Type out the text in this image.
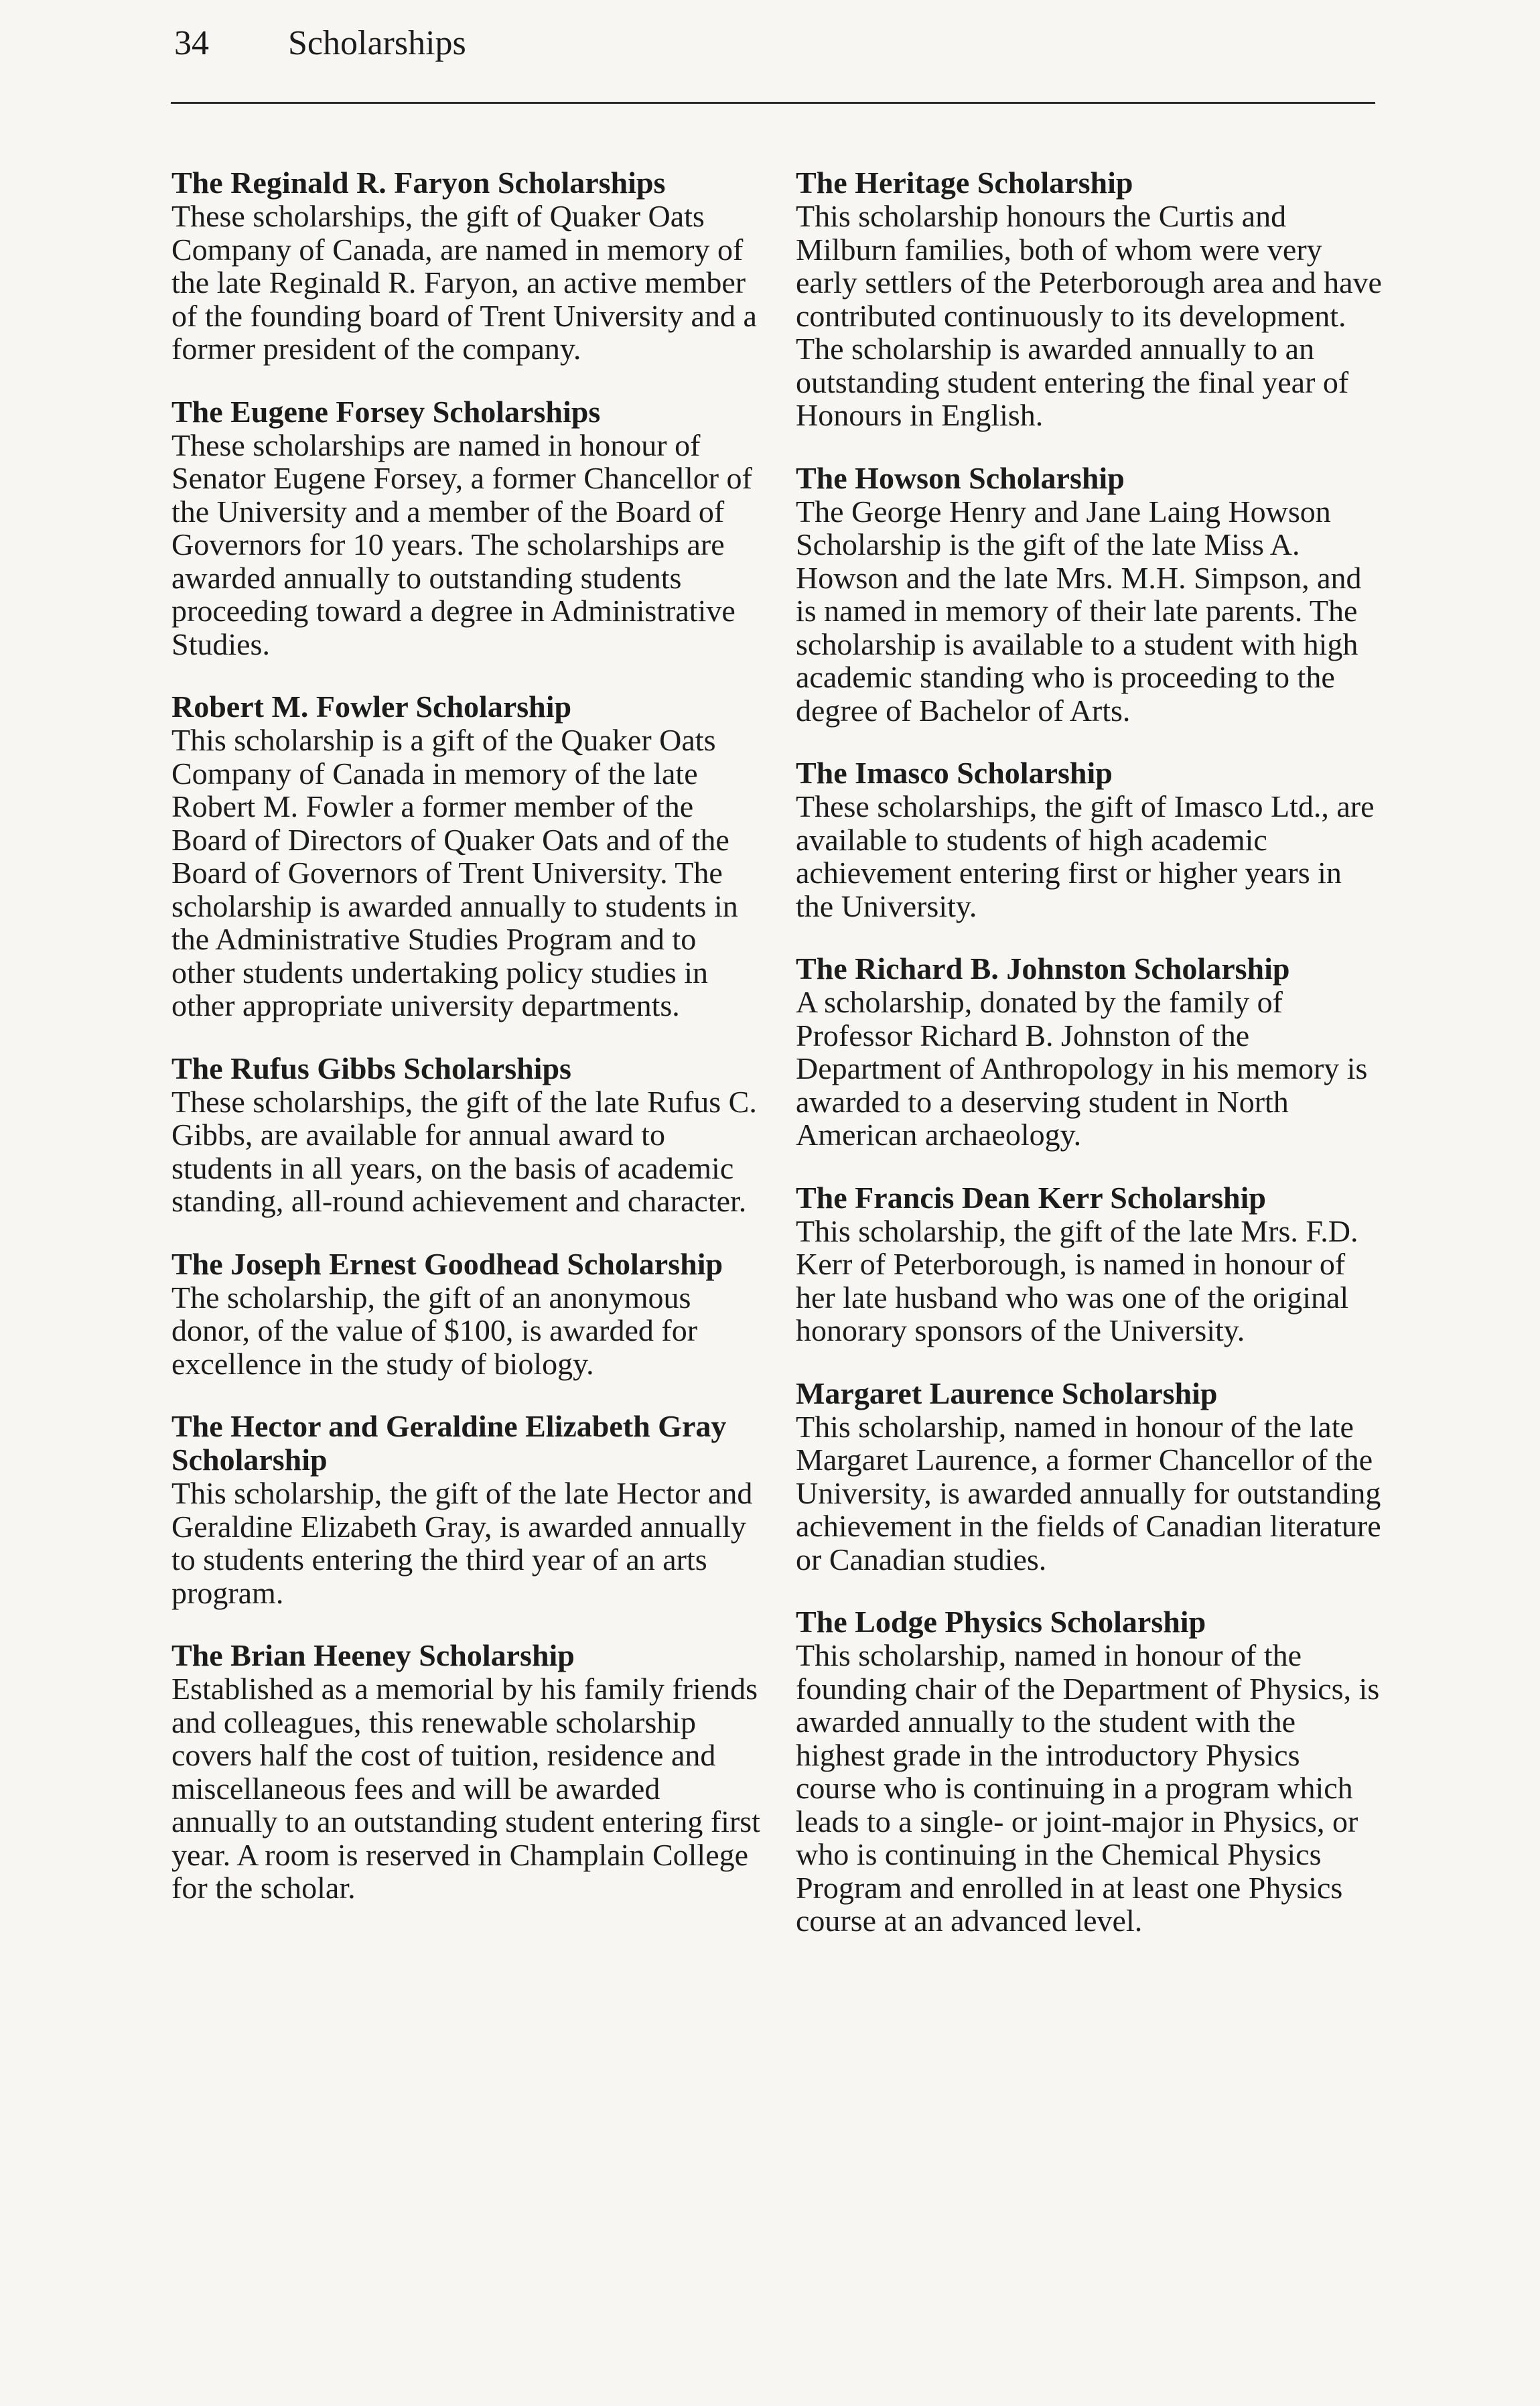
34 Scholarships
The Reginald R. Faryon Scholarships

These scholarships, the gift of Quaker Oats Company of Canada, are named in memory of the late Reginald R. Faryon, an active member of the founding board of Trent University and a former president of the company.

The Eugene Forsey Scholarships

These scholarships are named in honour of Senator Eugene Forsey, a former Chancellor of the University and a member of the Board of Governors for 10 years. The scholarships are awarded annually to outstanding students proceeding toward a degree in Administrative Studies.

Robert M. Fowler Scholarship

This scholarship is a gift of the Quaker Oats Company of Canada in memory of the late Robert M. Fowler a former member of the Board of Directors of Quaker Oats and of the Board of Governors of Trent University. The scholarship is awarded annually to students in the Administrative Studies Program and to other students undertaking policy studies in other appropriate university departments.

The Rufus Gibbs Scholarships

These scholarships, the gift of the late Rufus C. Gibbs, are available for annual award to students in all years, on the basis of academic standing, all-round achievement and character.

The Joseph Ernest Goodhead Scholarship

The scholarship, the gift of an anonymous donor, of the value of $100, is awarded for excellence in the study of biology.

The Hector and Geraldine Elizabeth Gray Scholarship

This scholarship, the gift of the late Hector and Geraldine Elizabeth Gray, is awarded annually to students entering the third year of an arts program.

The Brian Heeney Scholarship

Established as a memorial by his family friends and colleagues, this renewable scholarship covers half the cost of tuition, residence and miscellaneous fees and will be awarded annually to an outstanding student entering first year. A room is reserved in Champlain College for the scholar.

The Heritage Scholarship

This scholarship honours the Curtis and Milburn families, both of whom were very early settlers of the Peterborough area and have contributed continuously to its development. The scholarship is awarded annually to an outstanding student entering the final year of Honours in English.

The Howson Scholarship

The George Henry and Jane Laing Howson Scholarship is the gift of the late Miss A. Howson and the late Mrs. M.H. Simpson, and is named in memory of their late parents. The scholarship is available to a student with high academic standing who is proceeding to the degree of Bachelor of Arts.

The Imasco Scholarship

These scholarships, the gift of Imasco Ltd., are available to students of high academic achievement entering first or higher years in the University.

The Richard B. Johnston Scholarship

A scholarship, donated by the family of Professor Richard B. Johnston of the Department of Anthropology in his memory is awarded to a deserving student in North American archaeology.

The Francis Dean Kerr Scholarship

This scholarship, the gift of the late Mrs. F.D. Kerr of Peterborough, is named in honour of her late husband who was one of the original honorary sponsors of the University.

Margaret Laurence Scholarship

This scholarship, named in honour of the late Margaret Laurence, a former Chancellor of the University, is awarded annually for outstanding achievement in the fields of Canadian literature or Canadian studies.

The Lodge Physics Scholarship

This scholarship, named in honour of the founding chair of the Department of Physics, is awarded annually to the student with the highest grade in the introductory Physics course who is continuing in a program which leads to a single- or joint-major in Physics, or who is continuing in the Chemical Physics Program and enrolled in at least one Physics course at an advanced level.
